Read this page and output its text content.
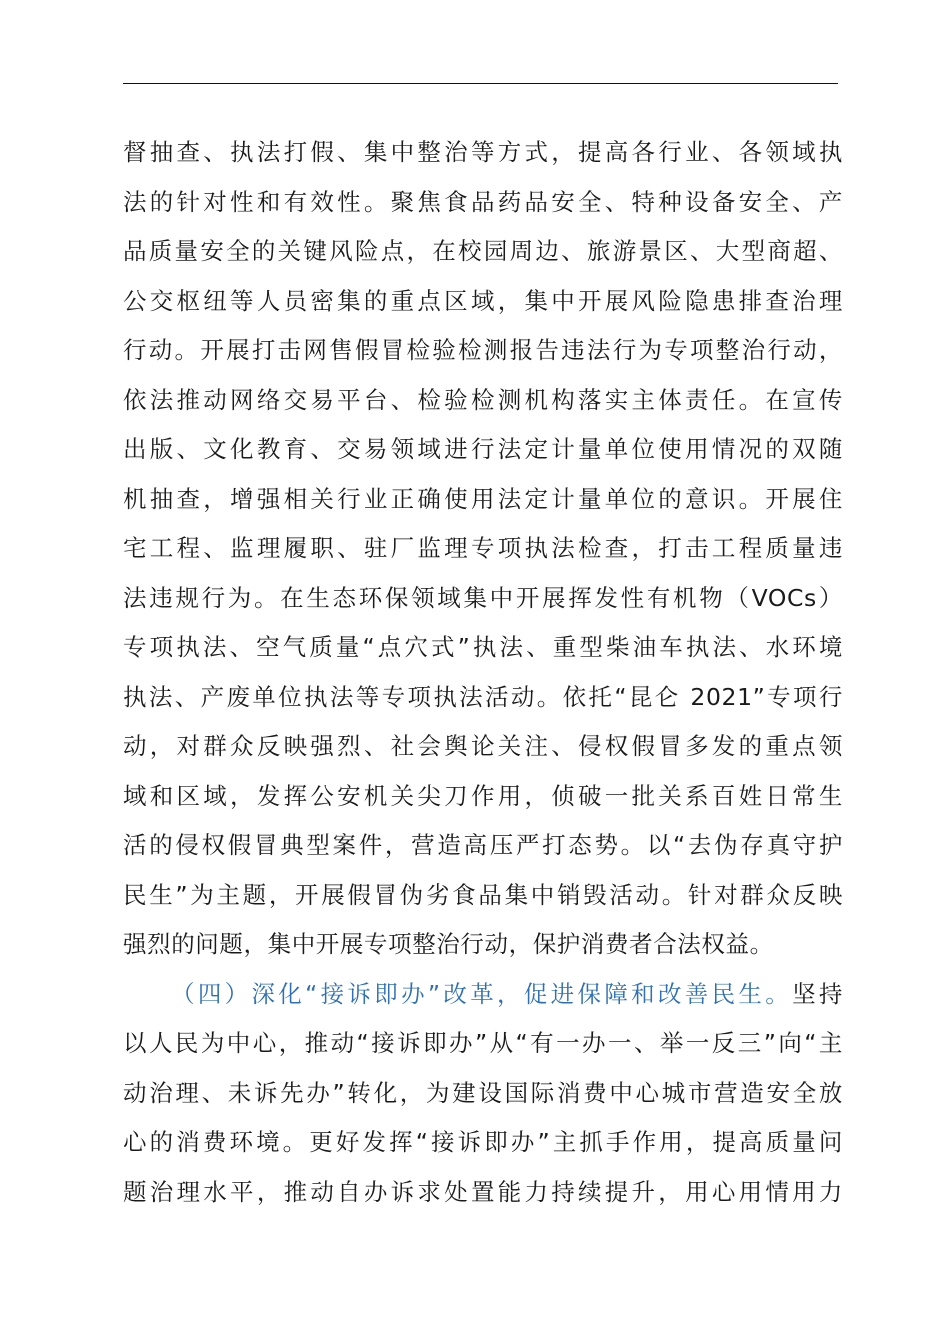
督抽查、执法打假、集中整治等方式，提高各行业、各领域执
法的针对性和有效性。聚焦食品药品安全、特种设备安全、产
品质量安全的关键风险点，在校园周边、旅游景区、大型商超、
公交枢纽等人员密集的重点区域，集中开展风险隐患排查治理
行动。开展打击网售假冒检验检测报告违法行为专项整治行动，
依法推动网络交易平台、检验检测机构落实主体责任。在宣传
出版、文化教育、交易领域进行法定计量单位使用情况的双随
机抽查，增强相关行业正确使用法定计量单位的意识。开展住
宅工程、监理履职、驻厂监理专项执法检查，打击工程质量违
法违规行为。在生态环保领域集中开展挥发性有机物（VOCs）
专项执法、空气质量“点穴式”执法、重型柴油车执法、水环境
执法、产废单位执法等专项执法活动。依托“昆仑 2021”专项行
动，对群众反映强烈、社会舆论关注、侵权假冒多发的重点领
域和区域，发挥公安机关尖刀作用，侦破一批关系百姓日常生
活的侵权假冒典型案件，营造高压严打态势。以“去伪存真守护
民生”为主题，开展假冒伪劣食品集中销毁活动。针对群众反映
强烈的问题，集中开展专项整治行动，保护消费者合法权益。
（四）深化“接诉即办”改革，促进保障和改善民生。坚持
以人民为中心，推动“接诉即办”从“有一办一、举一反三”向“主
动治理、未诉先办”转化，为建设国际消费中心城市营造安全放
心的消费环境。更好发挥“接诉即办”主抓手作用，提高质量问
题治理水平，推动自办诉求处置能力持续提升，用心用情用力
